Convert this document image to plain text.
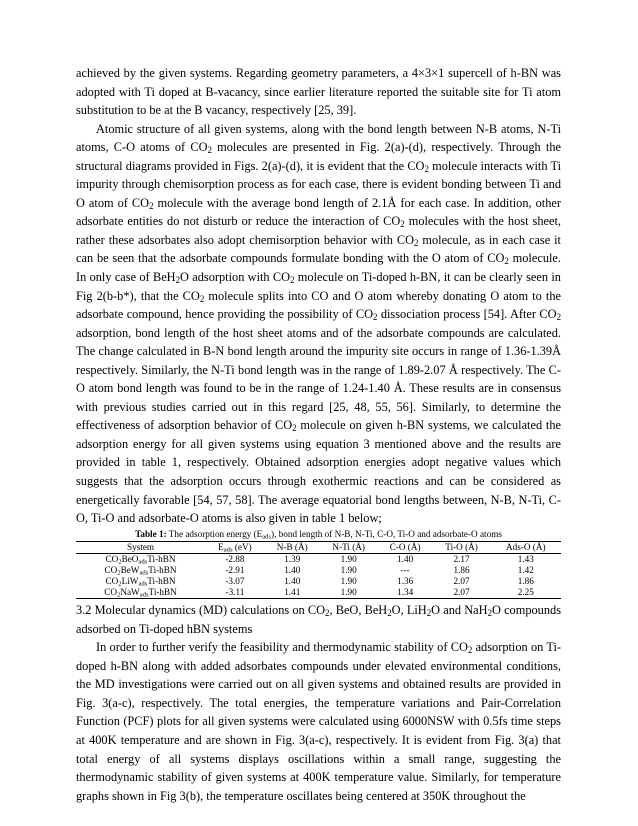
achieved by the given systems. Regarding geometry parameters, a 4×3×1 supercell of h-BN was adopted with Ti doped at B-vacancy, since earlier literature reported the suitable site for Ti atom substitution to be at the B vacancy, respectively [25, 39].

Atomic structure of all given systems, along with the bond length between N-B atoms, N-Ti atoms, C-O atoms of $CO_2$ molecules are presented in Fig. 2(a)-(d), respectively. Through the structural diagrams provided in Figs. 2(a)-(d), it is evident that the $CO_2$ molecule interacts with Ti impurity through chemisorption process as for each case, there is evident bonding between Ti and O atom of $CO_2$ molecule with the average bond length of 2.1Å for each case. In addition, other adsorbate entities do not disturb or reduce the interaction of $CO_2$ molecules with the host sheet, rather these adsorbates also adopt chemisorption behavior with $CO_2$ molecule, as in each case it can be seen that the adsorbate compounds formulate bonding with the O atom of $CO_2$ molecule. In only case of BeH$_2$O adsorption with $CO_2$ molecule on Ti-doped h-BN, it can be clearly seen in Fig 2(b-b*), that the $CO_2$ molecule splits into CO and O atom whereby donating O atom to the adsorbate compound, hence providing the possibility of $CO_2$ dissociation process [54]. After $CO_2$ adsorption, bond length of the host sheet atoms and of the adsorbate compounds are calculated. The change calculated in B-N bond length around the impurity site occurs in range of 1.36-1.39Å respectively. Similarly, the N-Ti bond length was in the range of 1.89-2.07 Å respectively. The C-O atom bond length was found to be in the range of 1.24-1.40 Å. These results are in consensus with previous studies carried out in this regard [25, 48, 55, 56]. Similarly, to determine the effectiveness of adsorption behavior of $CO_2$ molecule on given h-BN systems, we calculated the adsorption energy for all given systems using equation 3 mentioned above and the results are provided in table 1, respectively. Obtained adsorption energies adopt negative values which suggests that the adsorption occurs through exothermic reactions and can be considered as energetically favorable [54, 57, 58]. The average equatorial bond lengths between, N-B, N-Ti, C-O, Ti-O and adsorbate-O atoms is also given in table 1 below;

Table 1: The adsorption energy $(E_{ads})$, bond length of N-B, N-Ti, C-O, Ti-O and adsorbate-O atoms
System	$E_{ads}$ (eV)	N-B (Å)	N-Ti (Å)	C-O (Å)	Ti-O (Å)	Ads-O (Å)
$CO_2BeO_{ads}Ti$-hBN	-2.88	1.39	1.90	1.40	2.17	1.43
$CO_2BeW_{ads}Ti$-hBN	-2.91	1.40	1.90	---	1.86	1.42
$CO_2LiW_{ads}Ti$-hBN	-3.07	1.40	1.90	1.36	2.07	1.86
$CO_2NaW_{ads}Ti$-hBN	-3.11	1.41	1.90	1.34	2.07	2.25

3.2 Molecular dynamics (MD) calculations on $CO_2$, BeO, BeH$_2$O, LiH$_2$O and NaH$_2$O compounds adsorbed on Ti-doped hBN systems

In order to further verify the feasibility and thermodynamic stability of $CO_2$ adsorption on Ti-doped h-BN along with added adsorbates compounds under elevated environmental conditions, the MD investigations were carried out on all given systems and obtained results are provided in Fig. 3(a-c), respectively. The total energies, the temperature variations and Pair-Correlation Function (PCF) plots for all given systems were calculated using 6000NSW with 0.5fs time steps at 400K temperature and are shown in Fig. 3(a-c), respectively. It is evident from Fig. 3(a) that total energy of all systems displays oscillations within a small range, suggesting the thermodynamic stability of given systems at 400K temperature value. Similarly, for temperature graphs shown in Fig 3(b), the temperature oscillates being centered at 350K throughout the
